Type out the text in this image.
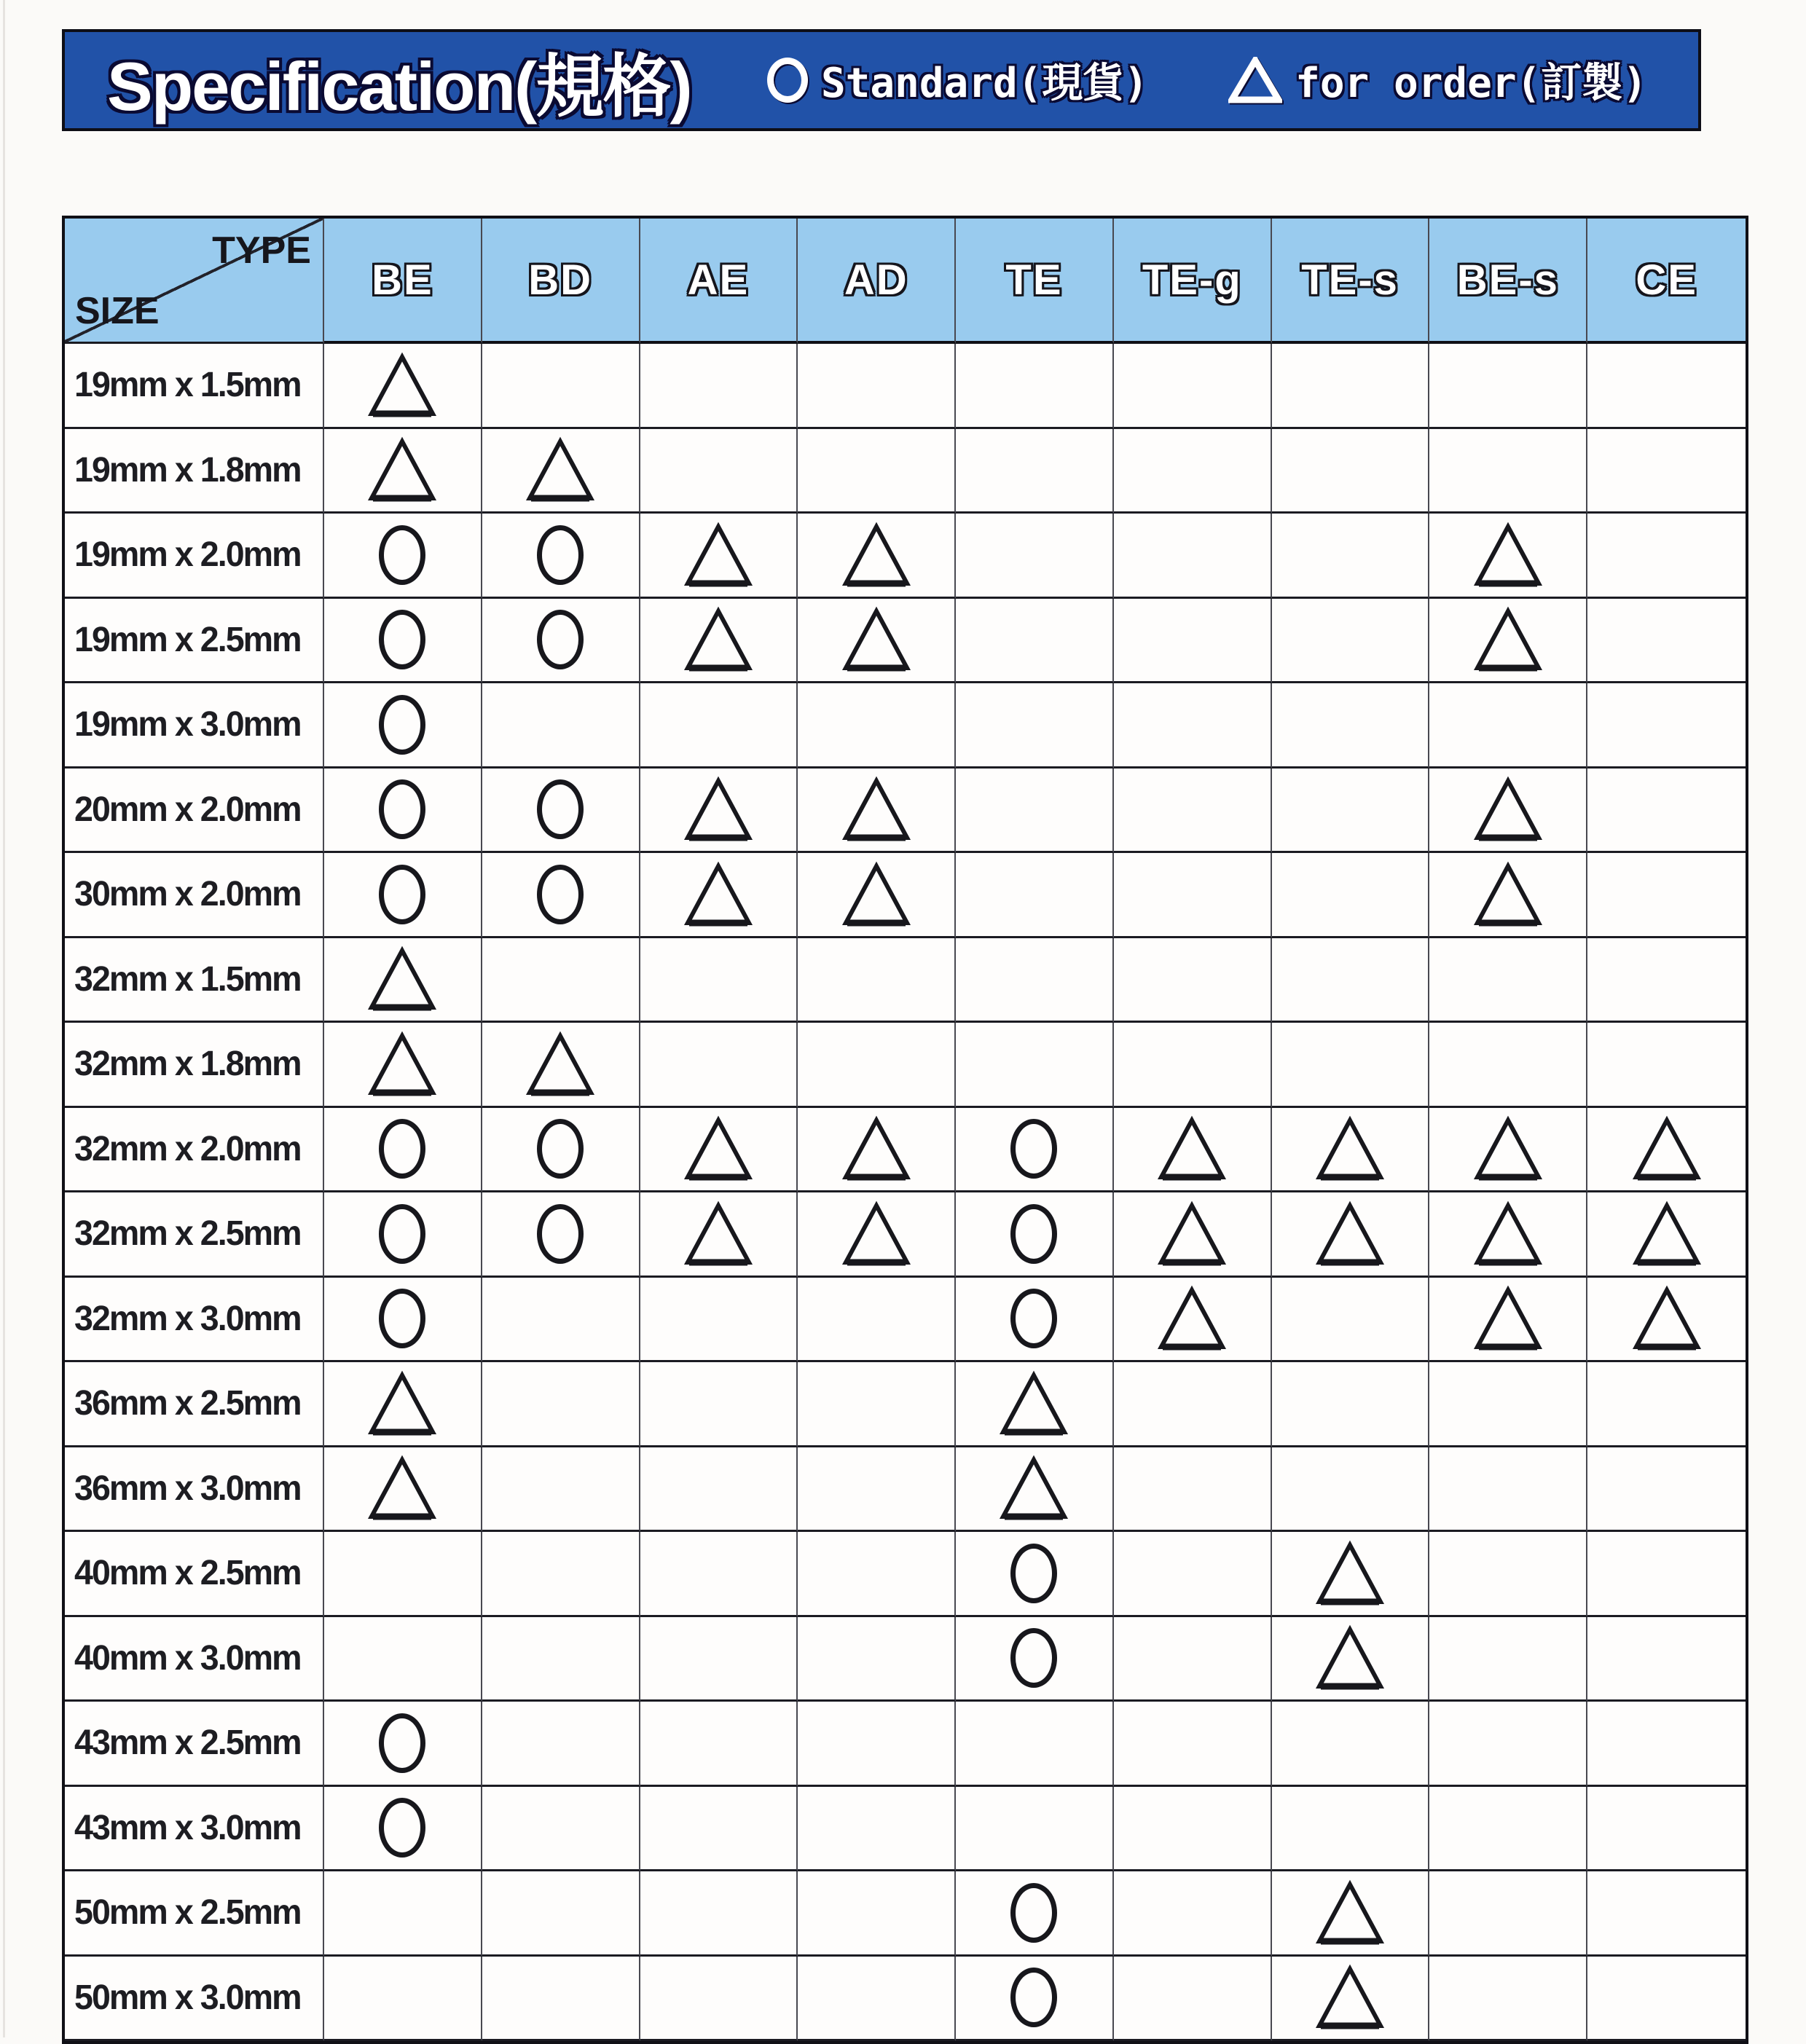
Specification(規格)	Standard(現貨)	for order(訂製)
TYPE
SIZE
BE BD AE AD TE TE-g TE-s BE-s CE
19mm x 1.5mm
19mm x 1.8mm
19mm x 2.0mm
19mm x 2.5mm
19mm x 3.0mm
20mm x 2.0mm
30mm x 2.0mm
32mm x 1.5mm
32mm x 1.8mm
32mm x 2.0mm
32mm x 2.5mm
32mm x 3.0mm
36mm x 2.5mm
36mm x 3.0mm
40mm x 2.5mm
40mm x 3.0mm
43mm x 2.5mm
43mm x 3.0mm
50mm x 2.5mm
50mm x 3.0mm
